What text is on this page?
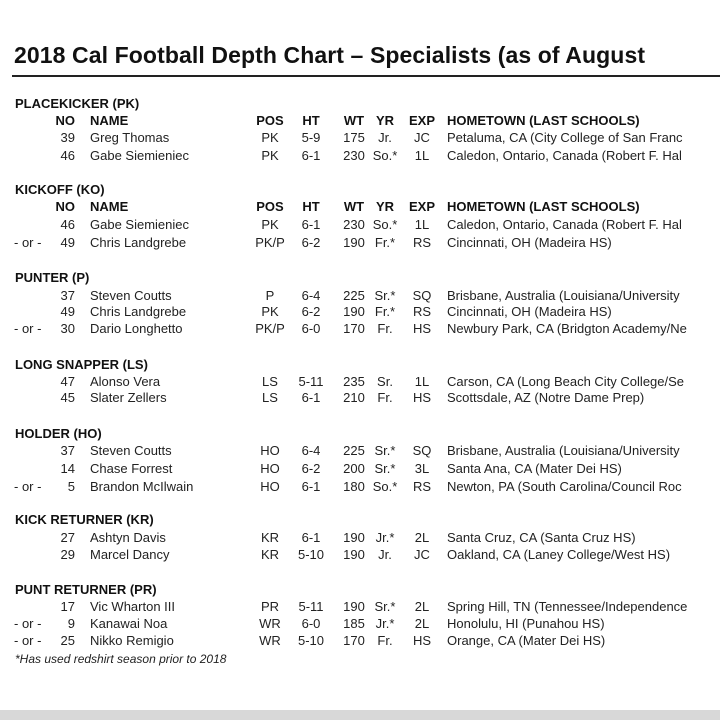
2018 Cal Football Depth Chart – Specialists (as of August
PLACEKICKER (PK)
NO NAME	POS	HT	WT YR	EXP HOMETOWN (LAST SCHOOLS)
39 Greg Thomas	PK	5-9	175	Jr.	JC	Petaluma, CA (City College of San Franc
46 Gabe Siemieniec	PK	6-1	230 So.*	1L	Caledon, Ontario, Canada (Robert F. Hal
KICKOFF (KO)
NO NAME	POS	HT	WT YR	EXP HOMETOWN (LAST SCHOOLS)
46 Gabe Siemieniec	PK	6-1	230 So.*	1L	Caledon, Ontario, Canada (Robert F. Hal
- or -	49 Chris Landgrebe	PK/P	6-2	190 Fr.*	RS	Cincinnati, OH (Madeira HS)
PUNTER (P)
37 Steven Coutts	P	6-4	225 Sr.*	SQ	Brisbane, Australia (Louisiana/University
49 Chris Landgrebe	PK	6-2	190 Fr.*	RS	Cincinnati, OH (Madeira HS)
- or -	30 Dario Longhetto	PK/P	6-0	170 Fr.	HS	Newbury Park, CA (Bridgton Academy/Ne
LONG SNAPPER (LS)
47 Alonso Vera	LS	5-11 235 Sr.	1L	Carson, CA (Long Beach City College/Se
45 Slater Zellers	LS	6-1	210 Fr.	HS	Scottsdale, AZ (Notre Dame Prep)
HOLDER (HO)
37 Steven Coutts	HO	6-4	225 Sr.*	SQ	Brisbane, Australia (Louisiana/University
14 Chase Forrest	HO	6-2	200 Sr.*	3L	Santa Ana, CA (Mater Dei HS)
- or -	5 Brandon McIlwain	HO	6-1	180 So.*	RS	Newton, PA (South Carolina/Council Roc
KICK RETURNER (KR)
27 Ashtyn Davis	KR	6-1	190 Jr.*	2L	Santa Cruz, CA (Santa Cruz HS)
29 Marcel Dancy	KR	5-10 190	Jr.	JC	Oakland, CA (Laney College/West HS)
PUNT RETURNER (PR)
17 Vic Wharton III	PR	5-11 190 Sr.*	2L	Spring Hill, TN (Tennessee/Independence
- or -	9 Kanawai Noa	WR	6-0	185 Jr.*	2L	Honolulu, HI (Punahou HS)
- or -	25 Nikko Remigio	WR	5-10 170 Fr.	HS	Orange, CA (Mater Dei HS)
*Has used redshirt season prior to 2018
